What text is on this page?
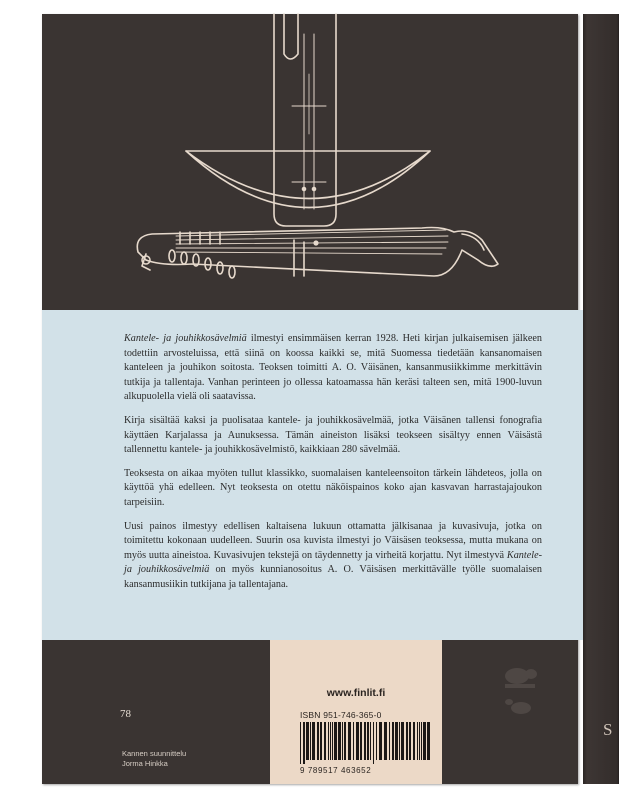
Kantele- ja jouhikkosävelmiä ilmestyi ensimmäisen kerran 1928. Heti kirjan julkaisemisen jälkeen todettiin arvosteluissa, että siinä on koossa kaikki se, mitä Suomessa tiedetään kansanomaisen kanteleen ja jouhikon soitosta. Teoksen toimitti A. O. Väisänen, kansanmusiikkimme merkittävin tutkija ja tallentaja. Vanhan perinteen jo ollessa katoamassa hän keräsi talteen sen, mitä 1900-luvun alkupuolella vielä oli saatavissa.

Kirja sisältää kaksi ja puolisataa kantele- ja jouhikkosävelmää, jotka Väisänen tallensi fonografia käyttäen Karjalassa ja Aunuksessa. Tämän aineiston lisäksi teokseen sisältyy ennen Väisästä tallennettu kantele- ja jouhikkosävelmistö, kaikkiaan 280 sävelmää.

Teoksesta on aikaa myöten tullut klassikko, suomalaisen kanteleensoiton tärkein lähdeteos, jolla on käyttöä yhä edelleen. Nyt teoksesta on otettu näköispainos koko ajan kasvavan harrastajajoukon tarpeisiin.

Uusi painos ilmestyy edellisen kaltaisena lukuun ottamatta jälkisanaa ja kuvasivuja, jotka on toimitettu kokonaan uudelleen. Suurin osa kuvista ilmestyi jo Väisäsen teoksessa, mutta mukana on myös uutta aineistoa. Kuvasivujen tekstejä on täydennetty ja virheitä korjattu. Nyt ilmestyvä Kantele- ja jouhikkosävelmiä on myös kunnianosoitus A. O. Väisäsen merkittävälle työlle suomalaisen kansanmusiikin tutkijana ja tallentajana.

www.finlit.fi
ISBN 951-746-365-0
9 789517 463652
78
Kannen suunnittelu
Jorma Hinkka
S
